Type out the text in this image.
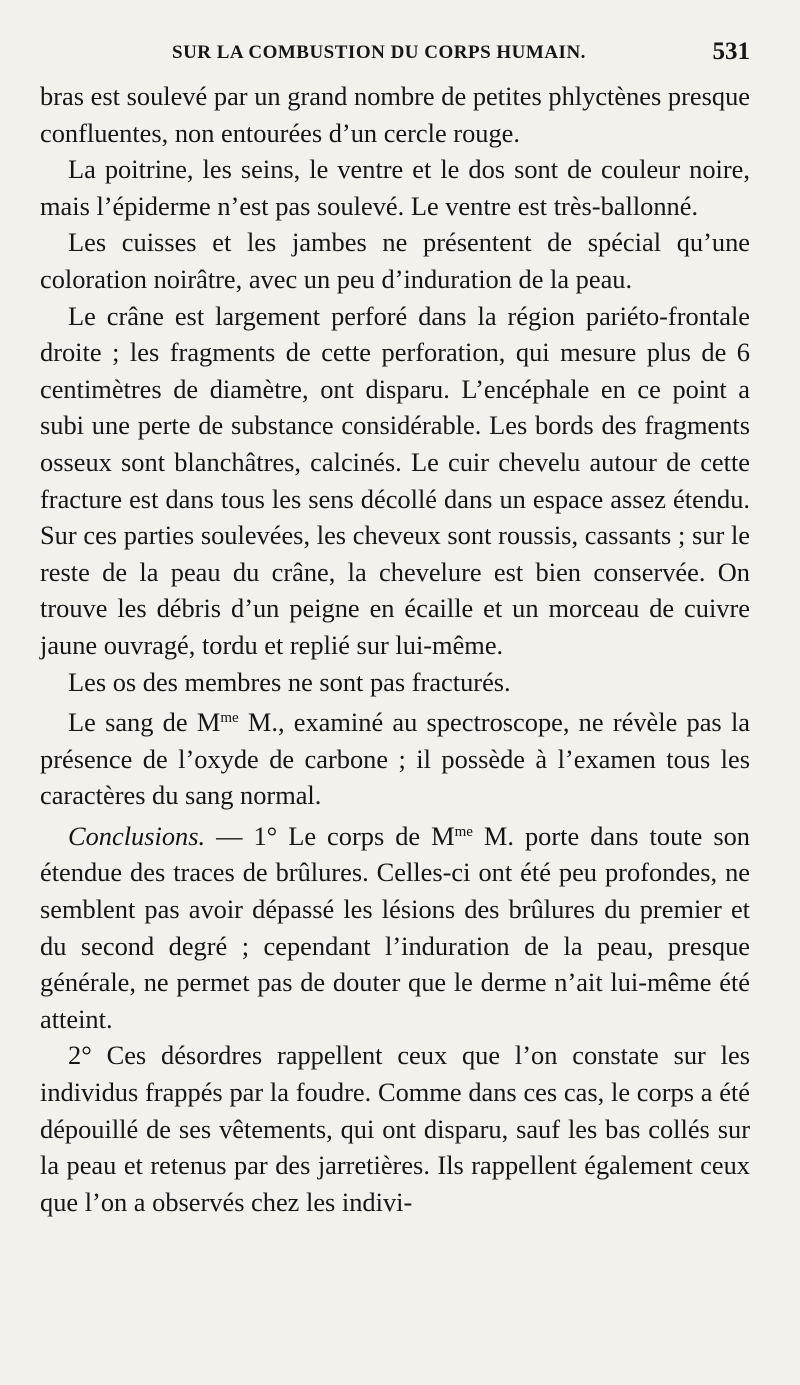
SUR LA COMBUSTION DU CORPS HUMAIN.	531

bras est soulevé par un grand nombre de petites phlyctènes presque confluentes, non entourées d’un cercle rouge.

La poitrine, les seins, le ventre et le dos sont de couleur noire, mais l’épiderme n’est pas soulevé. Le ventre est très-ballonné.

Les cuisses et les jambes ne présentent de spécial qu’une coloration noirâtre, avec un peu d’induration de la peau.

Le crâne est largement perforé dans la région pariéto-frontale droite ; les fragments de cette perforation, qui mesure plus de 6 centimètres de diamètre, ont disparu. L’encéphale en ce point a subi une perte de substance considérable. Les bords des fragments osseux sont blanchâtres, calcinés. Le cuir chevelu autour de cette fracture est dans tous les sens décollé dans un espace assez étendu. Sur ces parties soulevées, les cheveux sont roussis, cassants ; sur le reste de la peau du crâne, la chevelure est bien conservée. On trouve les débris d’un peigne en écaille et un morceau de cuivre jaune ouvragé, tordu et replié sur lui-même.

Les os des membres ne sont pas fracturés.

Le sang de $M^{me}$ M., examiné au spectroscope, ne révèle pas la présence de l’oxyde de carbone ; il possède à l’examen tous les caractères du sang normal.

Conclusions. — 1° Le corps de $M^{me}$ M. porte dans toute son étendue des traces de brûlures. Celles-ci ont été peu profondes, ne semblent pas avoir dépassé les lésions des brûlures du premier et du second degré ; cependant l’induration de la peau, presque générale, ne permet pas de douter que le derme n’ait lui-même été atteint.

2° Ces désordres rappellent ceux que l’on constate sur les individus frappés par la foudre. Comme dans ces cas, le corps a été dépouillé de ses vêtements, qui ont disparu, sauf les bas collés sur la peau et retenus par des jarretières. Ils rappellent également ceux que l’on a observés chez les indivi-
